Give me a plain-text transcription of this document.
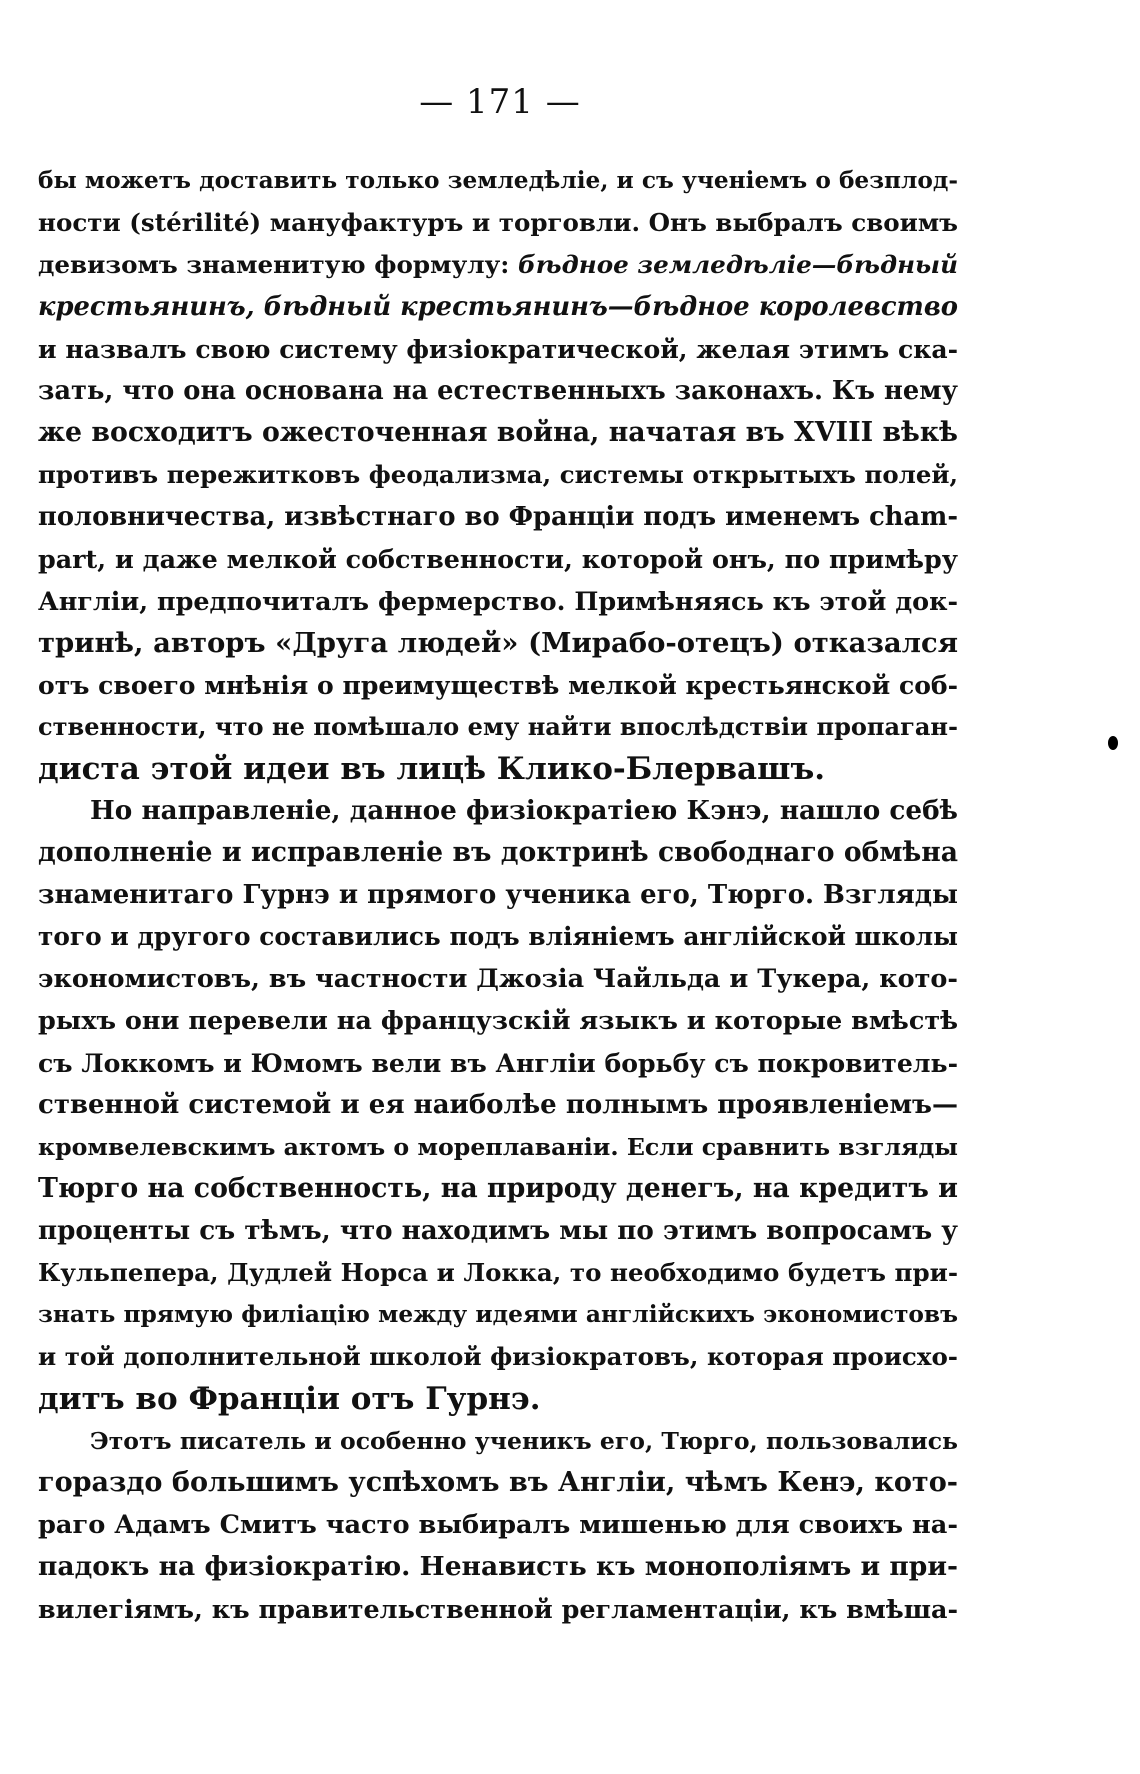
— 171 —
бы можетъ доставить только земледѣліе, и съ ученіемъ о безплод-
ности (stérilité) мануфактуръ и торговли. Онъ выбралъ своимъ
девизомъ знаменитую формулу: бѣдное земледѣліе—бѣдный
крестьянинъ, бѣдный крестьянинъ—бѣдное королевство
и назвалъ свою систему физіократической, желая этимъ ска-
зать, что она основана на естественныхъ законахъ. Къ нему
же восходитъ ожесточенная война, начатая въ XVIII вѣкѣ
противъ пережитковъ феодализма, системы открытыхъ полей,
половничества, извѣстнаго во Франціи подъ именемъ cham-
part, и даже мелкой собственности, которой онъ, по примѣру
Англіи, предпочиталъ фермерство. Примѣняясь къ этой док-
тринѣ, авторъ «Друга людей» (Мирабо-отецъ) отказался
отъ своего мнѣнія о преимуществѣ мелкой крестьянской соб-
ственности, что не помѣшало ему найти впослѣдствіи пропаган-
диста этой идеи въ лицѣ Клико-Блервашъ.
Но направленіе, данное физіократіею Кэнэ, нашло себѣ
дополненіе и исправленіе въ доктринѣ свободнаго обмѣна
знаменитаго Гурнэ и прямого ученика его, Тюрго. Взгляды
того и другого составились подъ вліяніемъ англійской школы
экономистовъ, въ частности Джозіа Чайльда и Тукера, кото-
рыхъ они перевели на французскій языкъ и которые вмѣстѣ
съ Локкомъ и Юмомъ вели въ Англіи борьбу съ покровитель-
ственной системой и ея наиболѣе полнымъ проявленіемъ—
кромвелевскимъ актомъ о мореплаваніи. Если сравнить взгляды
Тюрго на собственность, на природу денегъ, на кредитъ и
проценты съ тѣмъ, что находимъ мы по этимъ вопросамъ у
Кульпепера, Дудлей Норса и Локка, то необходимо будетъ при-
знать прямую филіацію между идеями англійскихъ экономистовъ
и той дополнительной школой физіократовъ, которая происхо-
дитъ во Франціи отъ Гурнэ.
Этотъ писатель и особенно ученикъ его, Тюрго, пользовались
гораздо большимъ успѣхомъ въ Англіи, чѣмъ Кенэ, кото-
раго Адамъ Смитъ часто выбиралъ мишенью для своихъ на-
падокъ на физіократію. Ненависть къ монополіямъ и при-
вилегіямъ, къ правительственной регламентаціи, къ вмѣша-
